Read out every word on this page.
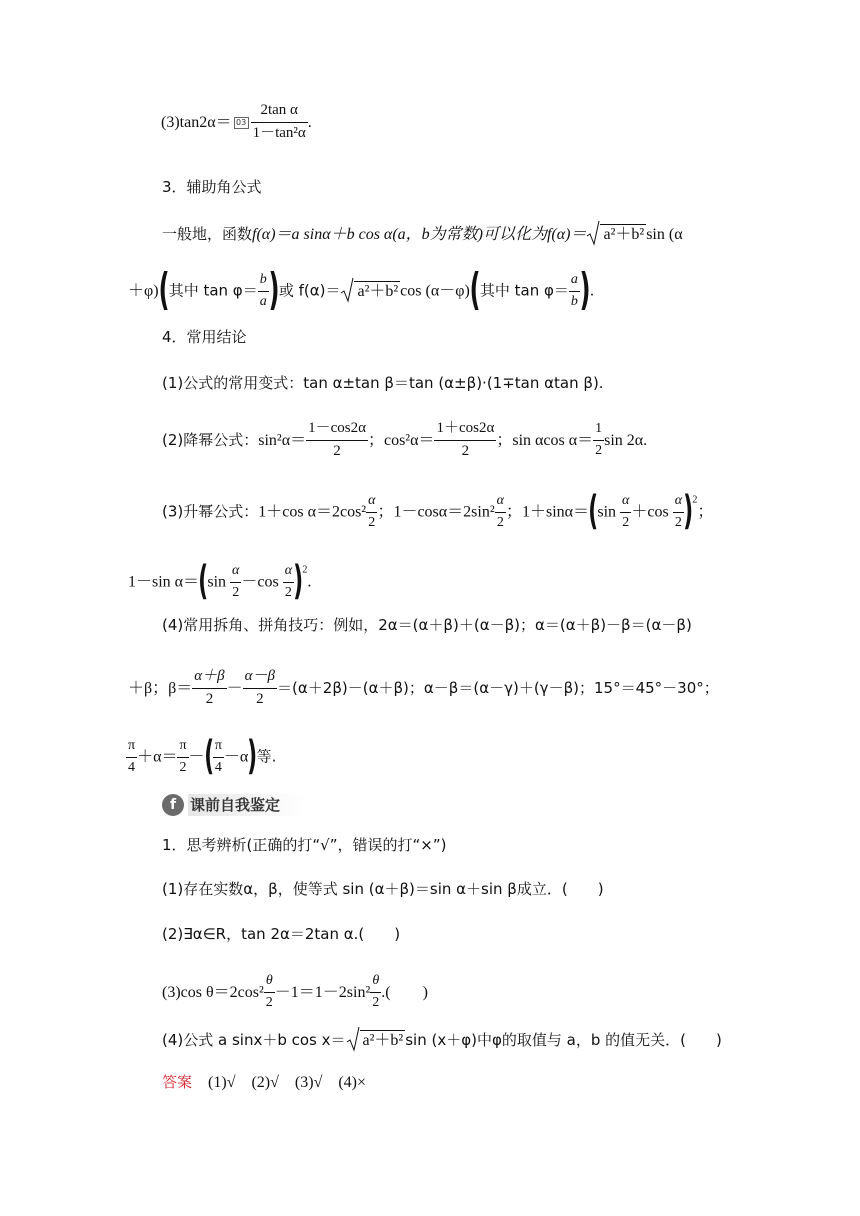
$(3)\tan 2\alpha= 03 \frac{\text{2tan α}}{\text{1－tan²α}}$ .
3．辅助角公式
一般地，函数f(α)＝a sinα＋b cos α(a，b为常数)可以化为f(α)＝ a²＋b² sin (α
＋φ)(其中 $\tan \varphi= \frac{b}{a}$ )或 f(α)＝ a²＋b² cos (α－φ)(其中 $\tan \varphi= \frac{a}{b}$ ).
4．常用结论
(1)公式的常用变式：tan α±tan β＝tan (α±β)·(1∓tan αtan β).
(2)降幂公式：$\sin^2\alpha= \frac{1-\cos 2\alpha}{2}$ ；$\cos^2\alpha= \frac{1+\cos 2\alpha}{2}$ ；sin αcos $\alpha= \frac{1}{2}$ sin 2α.
(3)升幂公式：1＋cos $\alpha=2\cos^2 \frac{\alpha}{2}$ ；$1-\cos\alpha=2\sin^2 \frac{\alpha}{2}$ ；$1+\sin\alpha=(\sin \frac{\alpha}{2} +\cos \frac{\alpha}{2} )^2$；
1－sin $\alpha=(\sin \frac{\alpha}{2} -\cos \frac{\alpha}{2} )^2$.
(4)常用拆角、拼角技巧：例如，2α＝(α＋β)＋(α－β)；α＝(α＋β)－β＝(α－β)
＋β；$\beta= \frac{\alpha+\beta}{2} - \frac{\alpha-\beta}{2} =(\alpha+2\beta)-(\alpha+\beta)$；α－β＝(α－γ)＋(γ－β)；15°＝45°－30°；
$\frac{\pi}{4} +\alpha= \frac{\pi}{2}$ －( $\frac{\pi}{4} -\alpha$)等.
f 课前自我鉴定
1．思考辨析(正确的打“√”，错误的打“×”)
(1)存在实数α，β，使等式 sin (α＋β)＝sin α＋sin β成立．(　　)
(2)∃α∈R，tan 2α＝2tan α.(　　)
(3)cos $\theta=2\cos^2 \frac{\theta}{2} -1=1-2\sin^2 \frac{\theta}{2}$ .(　　)
(4)公式 a sinx＋b cos x＝ a²＋b² sin (x＋φ)中φ的取值与 a，b 的值无关．(　　)
答案　 (1)√　(2)√　(3)√　(4)×
